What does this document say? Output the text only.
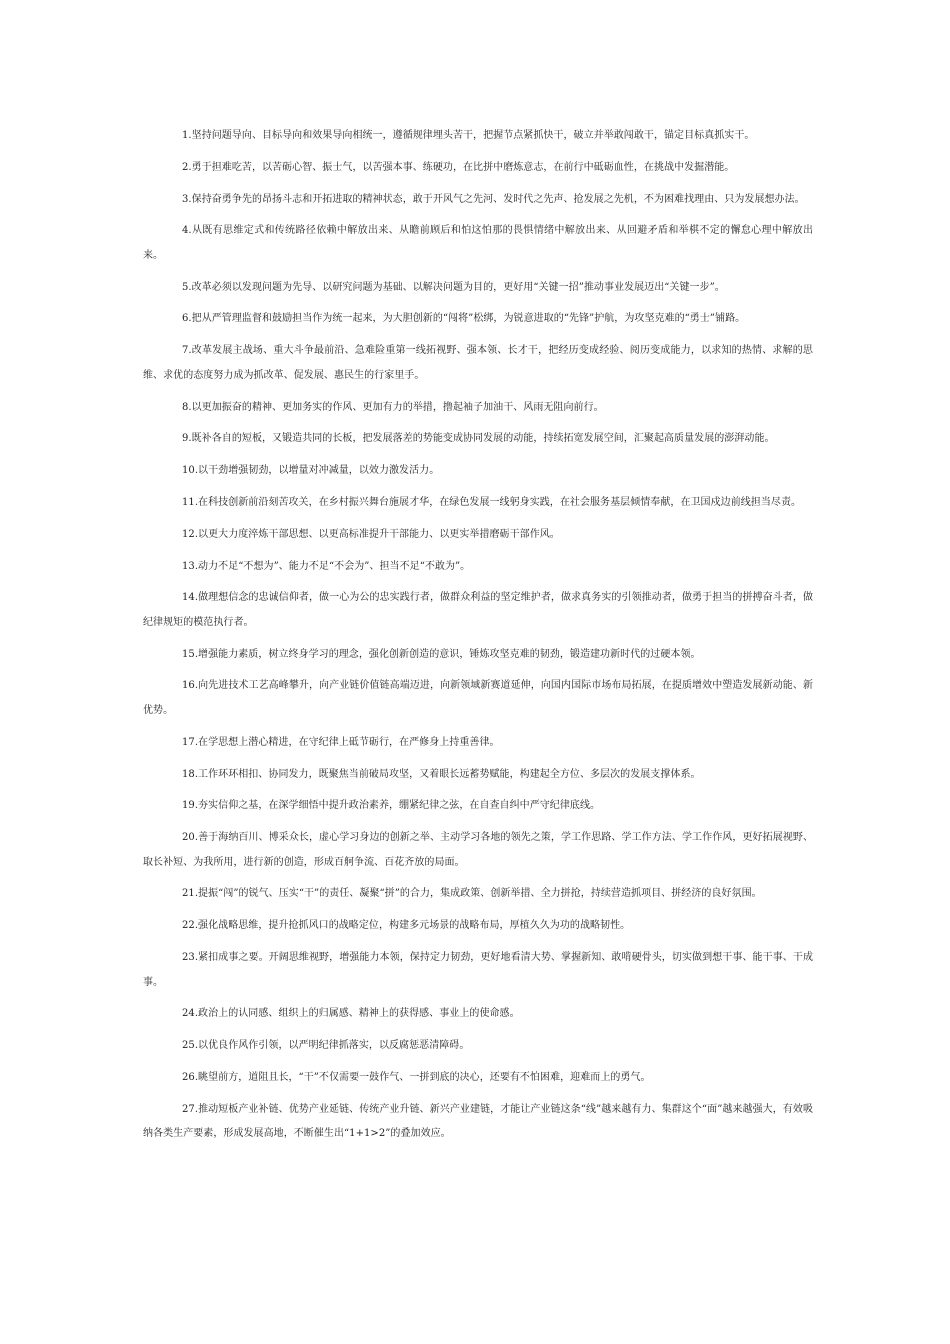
1.坚持问题导向、目标导向和效果导向相统一，遵循规律埋头苦干，把握节点紧抓快干，破立并举敢闯敢干，锚定目标真抓实干。

2.勇于担难吃苦，以苦砺心智、振士气，以苦强本事、练硬功，在比拼中磨炼意志，在前行中砥砺血性，在挑战中发掘潜能。

3.保持奋勇争先的昂扬斗志和开拓进取的精神状态，敢于开风气之先河、发时代之先声、抢发展之先机，不为困难找理由、只为发展想办法。

4.从既有思维定式和传统路径依赖中解放出来、从瞻前顾后和怕这怕那的畏惧情绪中解放出来、从回避矛盾和举棋不定的懈怠心理中解放出来。

5.改革必须以发现问题为先导、以研究问题为基础、以解决问题为目的，更好用“关键一招”推动事业发展迈出“关键一步”。

6.把从严管理监督和鼓励担当作为统一起来，为大胆创新的“闯将”松绑，为锐意进取的“先锋”护航，为攻坚克难的“勇士”铺路。

7.改革发展主战场、重大斗争最前沿、急难险重第一线拓视野、强本领、长才干，把经历变成经验、阅历变成能力，以求知的热情、求解的思维、求优的态度努力成为抓改革、促发展、惠民生的行家里手。

8.以更加振奋的精神、更加务实的作风、更加有力的举措，撸起袖子加油干、风雨无阻向前行。

9.既补各自的短板，又锻造共同的长板，把发展落差的势能变成协同发展的动能，持续拓宽发展空间，汇聚起高质量发展的澎湃动能。

10.以干劲增强韧劲，以增量对冲减量，以效力激发活力。

11.在科技创新前沿刻苦攻关，在乡村振兴舞台施展才华，在绿色发展一线躬身实践，在社会服务基层倾情奉献，在卫国戍边前线担当尽责。

12.以更大力度淬炼干部思想、以更高标准提升干部能力、以更实举措磨砺干部作风。

13.动力不足“不想为”、能力不足“不会为”、担当不足“不敢为”。

14.做理想信念的忠诚信仰者，做一心为公的忠实践行者，做群众利益的坚定维护者，做求真务实的引领推动者，做勇于担当的拼搏奋斗者，做纪律规矩的模范执行者。

15.增强能力素质，树立终身学习的理念，强化创新创造的意识，锤炼攻坚克难的韧劲，锻造建功新时代的过硬本领。

16.向先进技术工艺高峰攀升，向产业链价值链高端迈进，向新领域新赛道延伸，向国内国际市场布局拓展，在提质增效中塑造发展新动能、新优势。

17.在学思想上潜心精进，在守纪律上砥节砺行，在严修身上持重善律。

18.工作环环相扣、协同发力，既聚焦当前破局攻坚，又着眼长远蓄势赋能，构建起全方位、多层次的发展支撑体系。

19.夯实信仰之基，在深学细悟中提升政治素养，绷紧纪律之弦，在自查自纠中严守纪律底线。

20.善于海纳百川、博采众长，虚心学习身边的创新之举、主动学习各地的领先之策，学工作思路、学工作方法、学工作作风，更好拓展视野、取长补短、为我所用，进行新的创造，形成百舸争流、百花齐放的局面。

21.提振“闯”的锐气、压实“干”的责任、凝聚“拼”的合力，集成政策、创新举措、全力拼抢，持续营造抓项目、拼经济的良好氛围。

22.强化战略思维，提升抢抓风口的战略定位，构建多元场景的战略布局，厚植久久为功的战略韧性。

23.紧扣成事之要。开阔思维视野，增强能力本领，保持定力韧劲，更好地看清大势、掌握新知、敢啃硬骨头，切实做到想干事、能干事、干成事。

24.政治上的认同感、组织上的归属感、精神上的获得感、事业上的使命感。

25.以优良作风作引领，以严明纪律抓落实，以反腐惩恶清障碍。

26.眺望前方，道阻且长，“干”不仅需要一鼓作气、一拼到底的决心，还要有不怕困难，迎难而上的勇气。

27.推动短板产业补链、优势产业延链、传统产业升链、新兴产业建链，才能让产业链这条“线”越来越有力、集群这个“面”越来越强大，有效吸纳各类生产要素，形成发展高地，不断催生出“1+1>2”的叠加效应。
